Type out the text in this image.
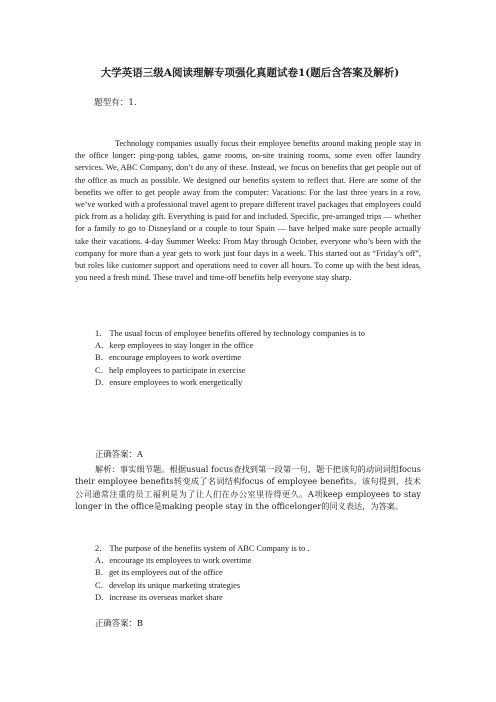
大学英语三级A阅读理解专项强化真题试卷1(题后含答案及解析)
题型有：1.
Technology companies usually focus their employee benefits around making people stay in the office longer: ping-pong tables, game rooms, on-site training rooms, some even offer laundry services. We, ABC Company, don’t do any of these. Instead, we focus on benefits that get people out of the office as much as possible. We designed our benefits system to reflect that. Here are some of the benefits we offer to get people away from the computer: Vacations: For the last three years in a row, we’ve worked with a professional travel agent to prepare different travel packages that employees could pick from as a holiday gift. Everything is paid for and included. Specific, pre-arranged trips — whether for a family to go to Disneyland or a couple to tour Spain — have helped make sure people actually take their vacations. 4-day Summer Weeks: From May through October, everyone who’s been with the company for more than a year gets to work just four days in a week. This started out as “Friday’s off”, but roles like customer support and operations need to cover all hours. To come up with the best ideas, you need a fresh mind. These travel and time-off benefits help everyone stay sharp.
1． The usual focus of employee benefits offered by technology companies is to
A．keep employees to stay longer in the office
B．encourage employees to work overtime
C．help employees to participate in exercise
D．ensure employees to work energetically
正确答案：A
解析：事实细节题。根据usual focus查找到第一段第一句，题干把该句的动词词组focus their employee benefits转变成了名词结构focus of employee benefits。该句提到，技术公司通常注重的员工福利是为了让人们在办公室里待得更久。A项keep employees to stay longer in the office是making people stay in the officelonger的同义表达，为答案。
2． The purpose of the benefits system of ABC Company is to .
A．encourage its employees to work overtime
B．get its employees out of the office
C．develop its unique marketing strategies
D．increase its overseas market share
正确答案：B
